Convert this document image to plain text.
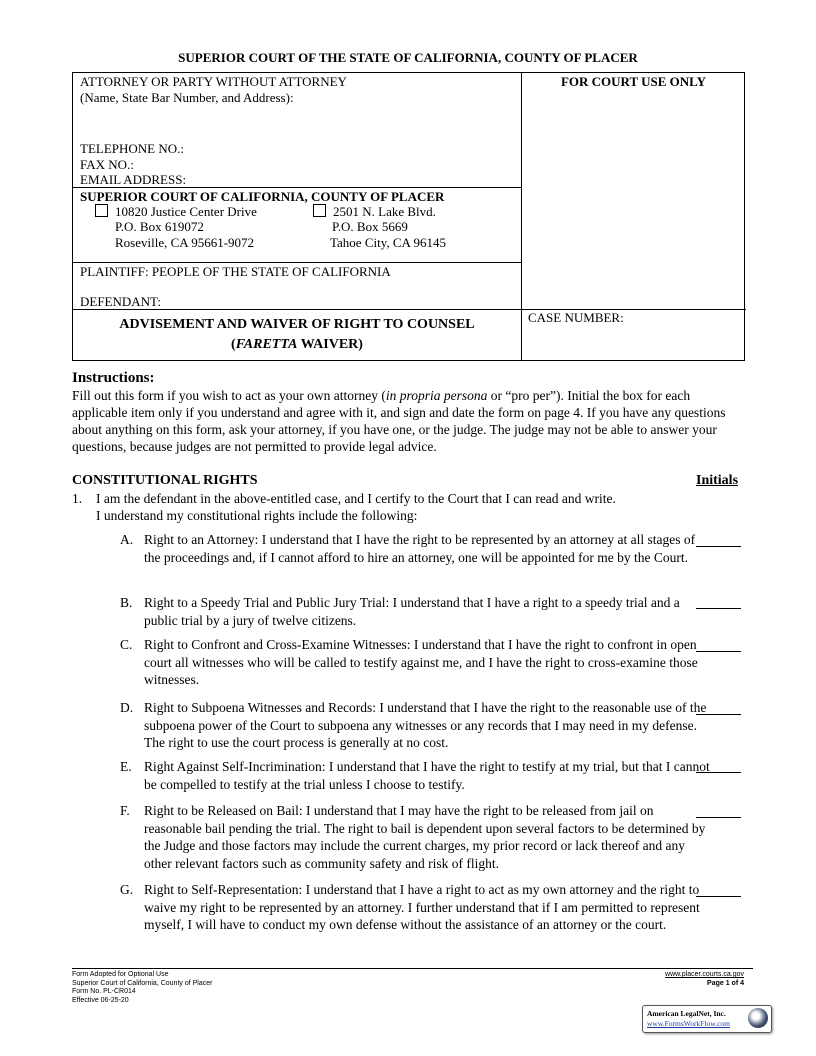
SUPERIOR COURT OF THE STATE OF CALIFORNIA, COUNTY OF PLACER
ATTORNEY OR PARTY WITHOUT ATTORNEY
(Name, State Bar Number, and Address):
TELEPHONE NO.:
FAX NO.:
EMAIL ADDRESS:
FOR COURT USE ONLY
SUPERIOR COURT OF CALIFORNIA, COUNTY OF PLACER
10820 Justice Center Drive
P.O. Box 619072
Roseville, CA 95661-9072
2501 N. Lake Blvd.
P.O. Box 5669
Tahoe City, CA 96145
PLAINTIFF: PEOPLE OF THE STATE OF CALIFORNIA
DEFENDANT:
ADVISEMENT AND WAIVER OF RIGHT TO COUNSEL
(FARETTA WAIVER)
CASE NUMBER:
Instructions:
Fill out this form if you wish to act as your own attorney (in propria persona or “pro per”). Initial the box for each applicable item only if you understand and agree with it, and sign and date the form on page 4. If you have any questions about anything on this form, ask your attorney, if you have one, or the judge. The judge may not be able to answer your questions, because judges are not permitted to provide legal advice.
CONSTITUTIONAL RIGHTS	Initials
1. I am the defendant in the above-entitled case, and I certify to the Court that I can read and write.
I understand my constitutional rights include the following:
A. Right to an Attorney: I understand that I have the right to be represented by an attorney at all stages of the proceedings and, if I cannot afford to hire an attorney, one will be appointed for me by the Court.
B. Right to a Speedy Trial and Public Jury Trial: I understand that I have a right to a speedy trial and a public trial by a jury of twelve citizens.
C. Right to Confront and Cross-Examine Witnesses: I understand that I have the right to confront in open court all witnesses who will be called to testify against me, and I have the right to cross-examine those witnesses.
D. Right to Subpoena Witnesses and Records: I understand that I have the right to the reasonable use of the subpoena power of the Court to subpoena any witnesses or any records that I may need in my defense. The right to use the court process is generally at no cost.
E. Right Against Self-Incrimination: I understand that I have the right to testify at my trial, but that I cannot be compelled to testify at the trial unless I choose to testify.
F. Right to be Released on Bail: I understand that I may have the right to be released from jail on reasonable bail pending the trial. The right to bail is dependent upon several factors to be determined by the Judge and those factors may include the current charges, my prior record or lack thereof and any other relevant factors such as community safety and risk of flight.
G. Right to Self-Representation: I understand that I have a right to act as my own attorney and the right to waive my right to be represented by an attorney. I further understand that if I am permitted to represent myself, I will have to conduct my own defense without the assistance of an attorney or the court.
Form Adopted for Optional Use
Superior Court of California, County of Placer
Form No. PL-CR014
Effective 06-25-20
www.placer.courts.ca.gov
Page 1 of 4
American LegalNet, Inc.
www.FormsWorkFlow.com
